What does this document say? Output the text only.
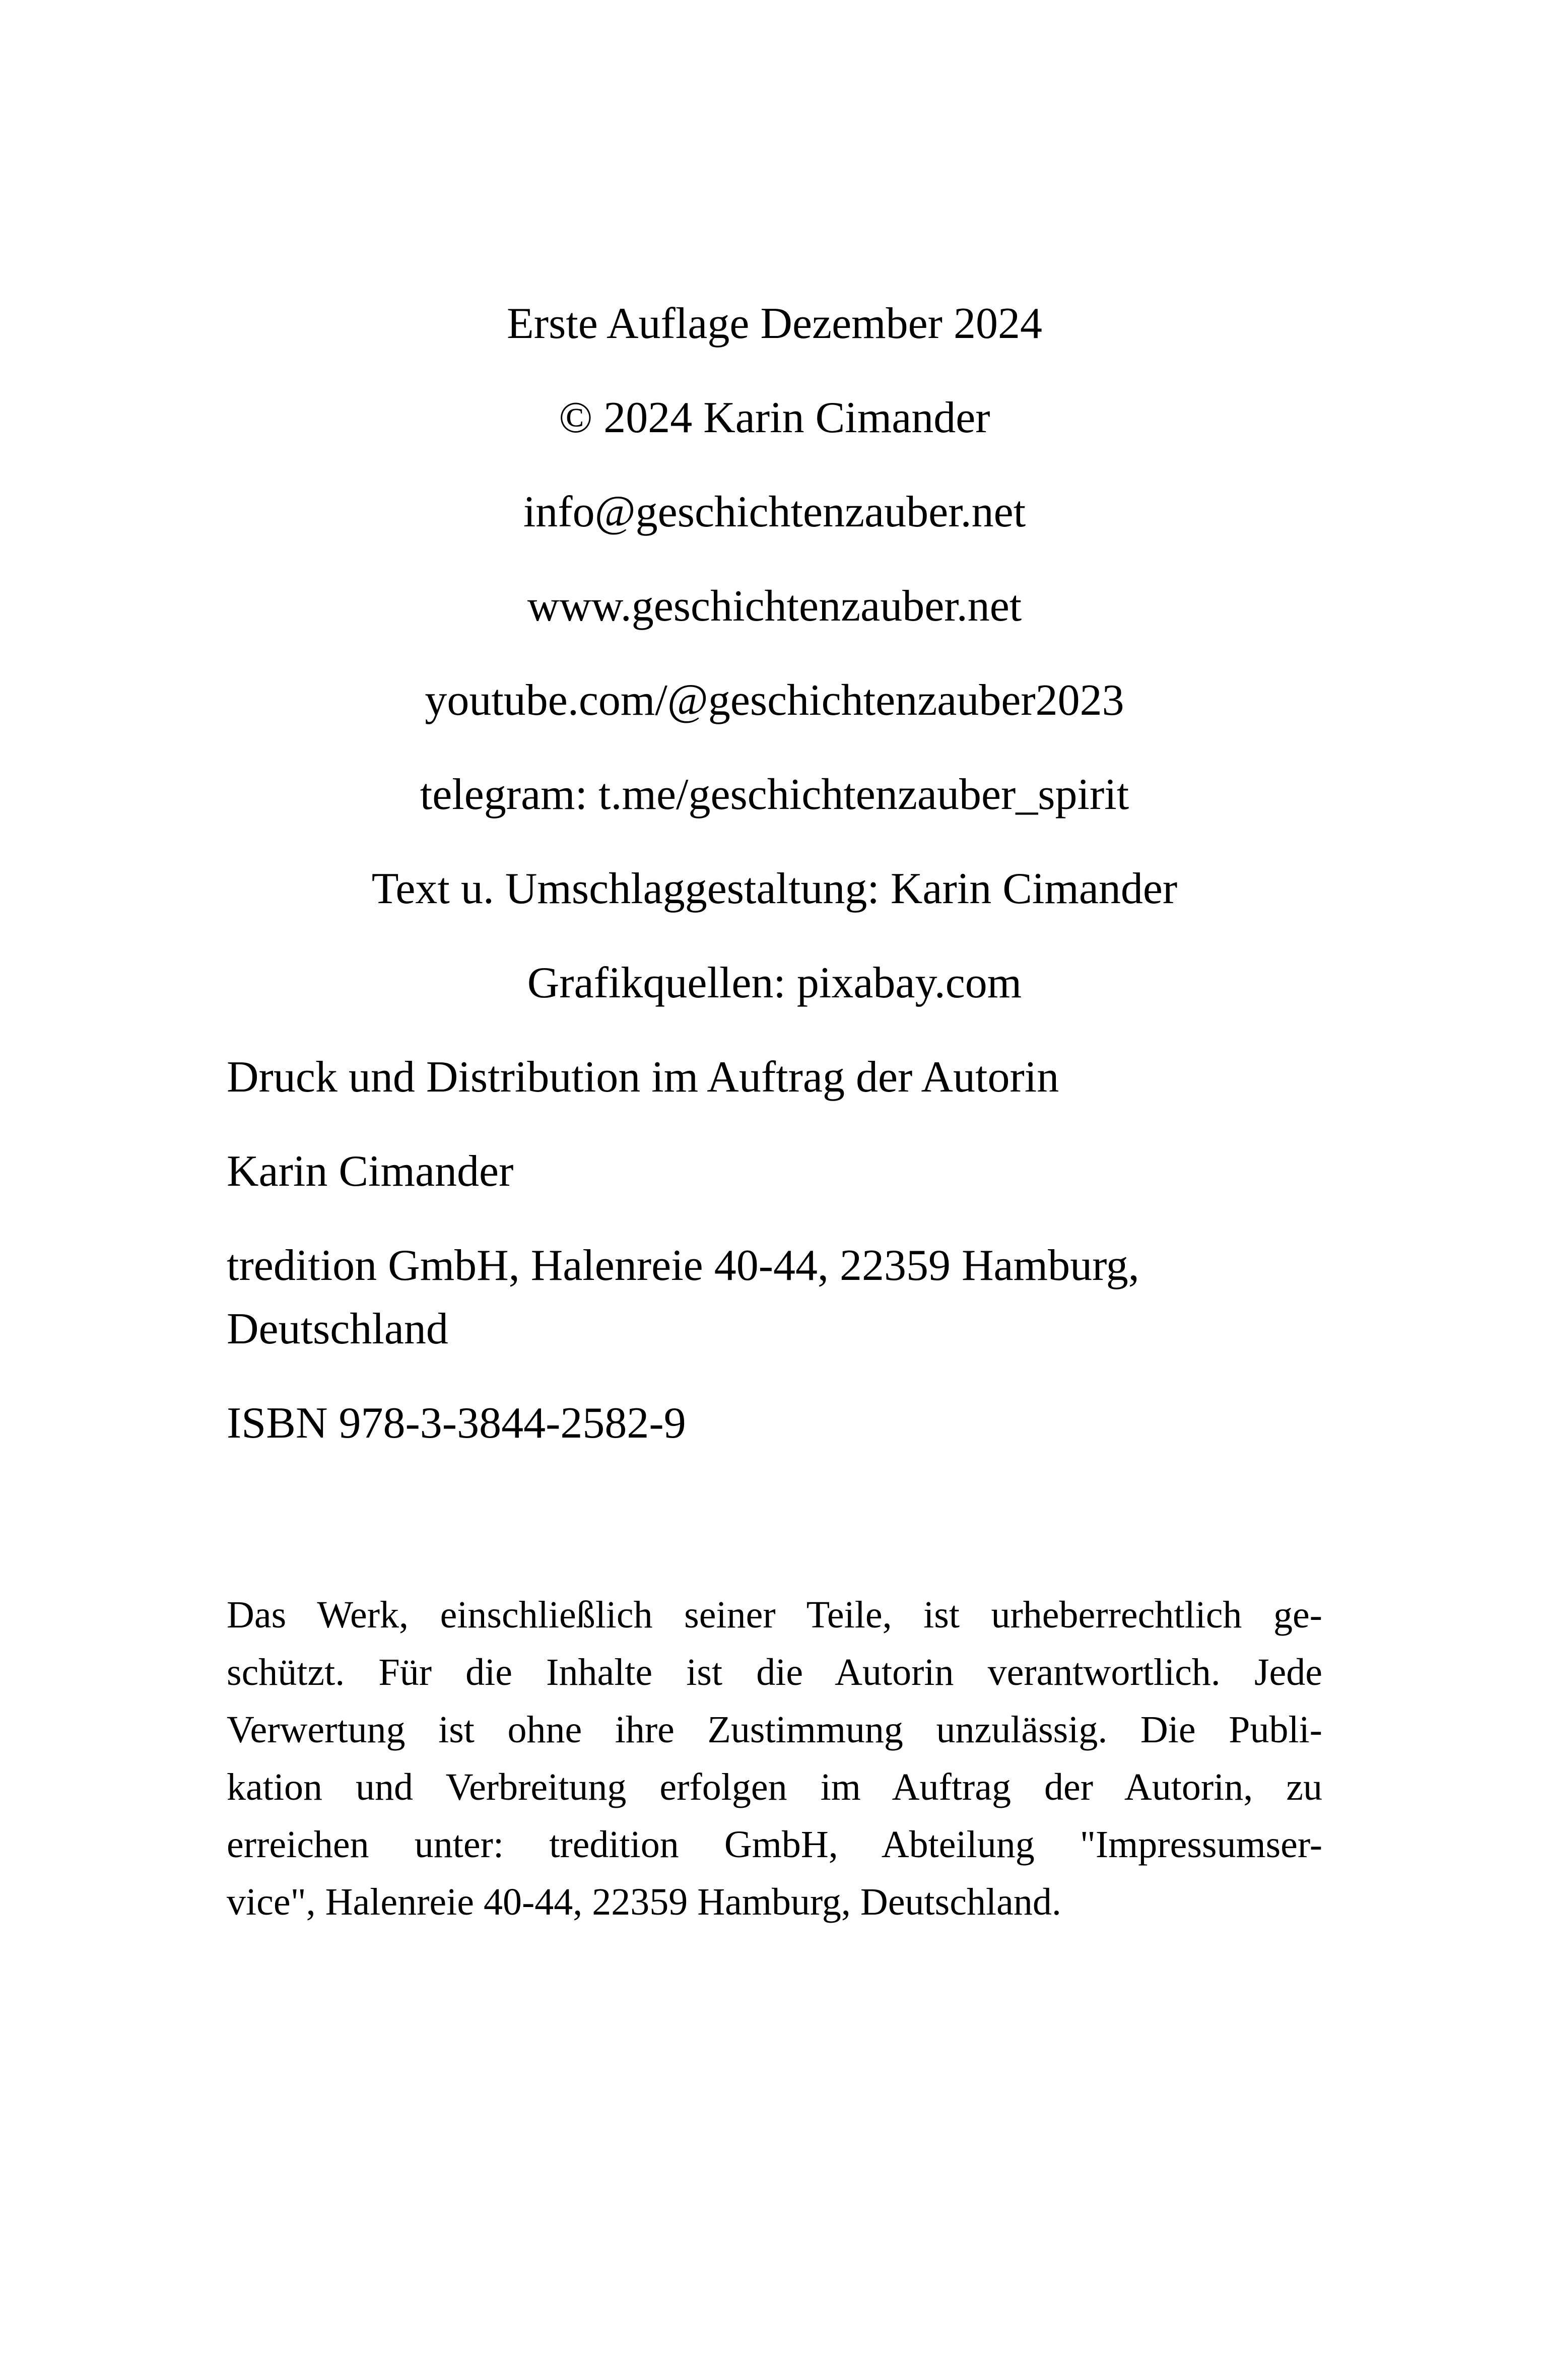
Erste Auflage Dezember 2024

© 2024 Karin Cimander

info@geschichtenzauber.net

www.geschichtenzauber.net

youtube.com/@geschichtenzauber2023

telegram: t.me/geschichtenzauber_spirit

Text u. Umschlaggestaltung: Karin Cimander

Grafikquellen: pixabay.com

Druck und Distribution im Auftrag der Autorin

Karin Cimander

tredition GmbH, Halenreie 40-44, 22359 Hamburg, Deutschland

ISBN 978-3-3844-2582-9

Das Werk, einschließlich seiner Teile, ist urheberrechtlich ge-
schützt. Für die Inhalte ist die Autorin verantwortlich. Jede
Verwertung ist ohne ihre Zustimmung unzulässig. Die Publi-
kation und Verbreitung erfolgen im Auftrag der Autorin, zu
erreichen unter: tredition GmbH, Abteilung "Impressumser-
vice", Halenreie 40-44, 22359 Hamburg, Deutschland.
